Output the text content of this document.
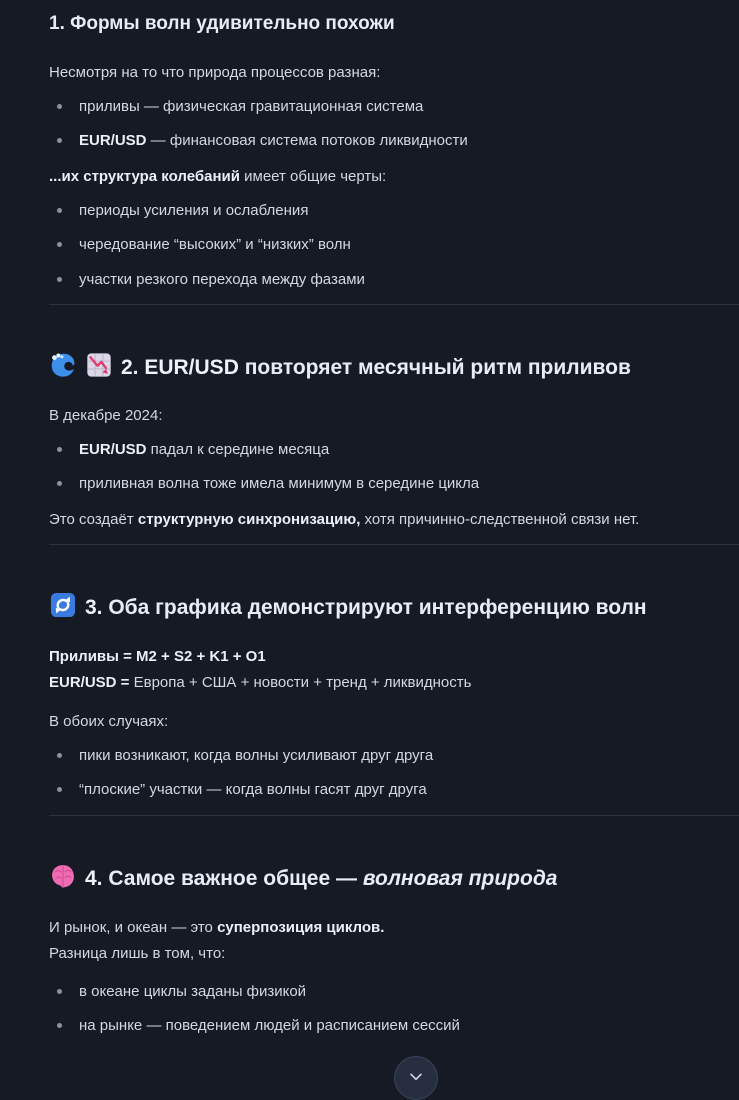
1. Формы волн удивительно похожи

Несмотря на то что природа процессов разная:

приливы — физическая гравитационная система
EUR/USD — финансовая система потоков ликвидности

...их структура колебаний имеет общие черты:

периоды усиления и ослабления
чередование “высоких” и “низких” волн
участки резкого перехода между фазами
2. EUR/USD повторяет месячный ритм приливов

В декабре 2024:

EUR/USD падал к середине месяца
приливная волна тоже имела минимум в середине цикла

Это создаёт структурную синхронизацию, хотя причинно-следственной связи нет.

3. Оба графика демонстрируют интерференцию волн

Приливы = M2 + S2 + K1 + O1
EUR/USD = Европа + США + новости + тренд + ликвидность

В обоих случаях:

пики возникают, когда волны усиливают друг друга
“плоские” участки — когда волны гасят друг друга
4. Самое важное общее — волновая природа

И рынок, и океан — это суперпозиция циклов.
Разница лишь в том, что:

в океане циклы заданы физикой
на рынке — поведением людей и расписанием сессий
